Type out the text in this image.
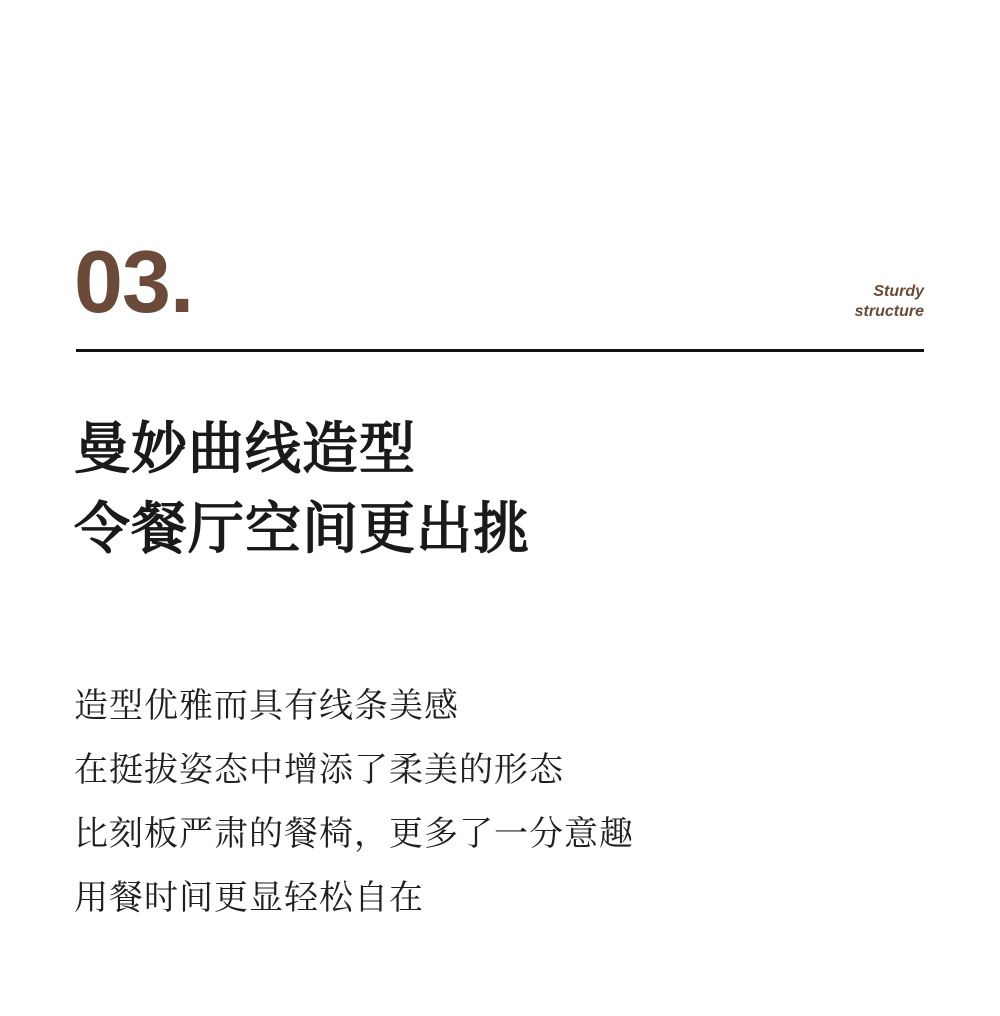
03.	Sturdy
structure
曼妙曲线造型
令餐厅空间更出挑

造型优雅而具有线条美感
在挺拔姿态中增添了柔美的形态
比刻板严肃的餐椅，更多了一分意趣
用餐时间更显轻松自在
